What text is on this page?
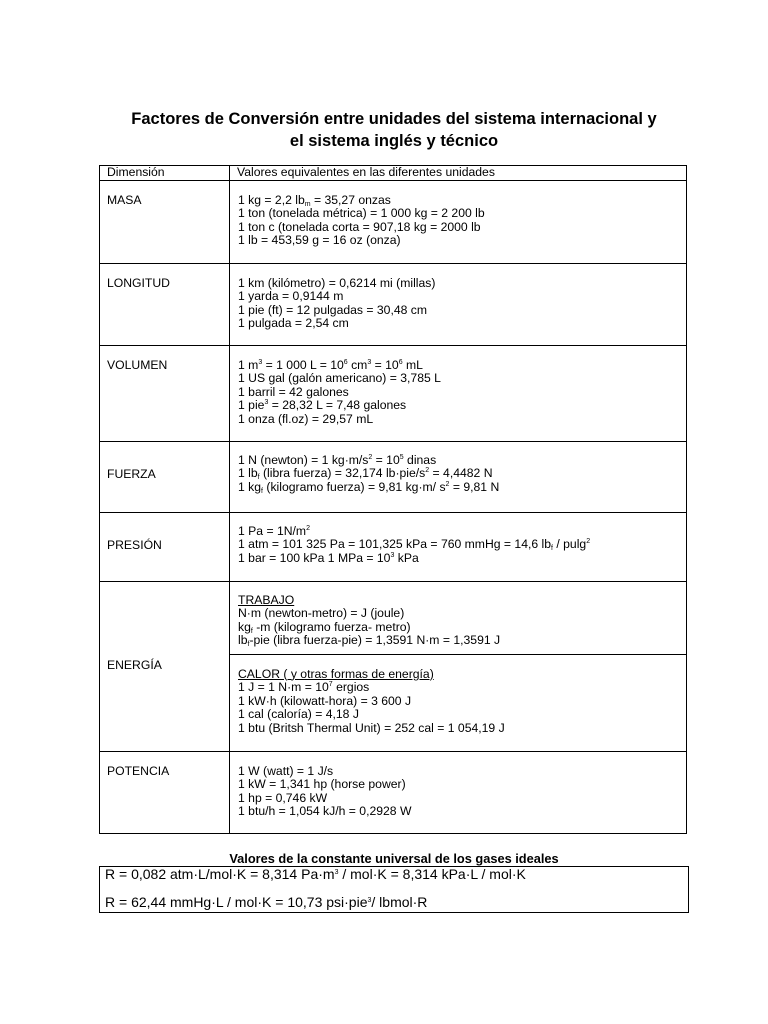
Factores de Conversión entre unidades del sistema internacional y
el sistema inglés y técnico
Dimensión	Valores equivalentes en las diferentes unidades
MASA	1 kg = 2,2 $lb_m = 35,27$ onzas
1 ton (tonelada métrica) = 1 000 kg = 2 200 lb
1 ton c (tonelada corta = 907,18 kg = 2000 lb
1 lb = 453,59 g = 16 oz (onza)

LONGITUD	1 km (kilómetro) = 0,6214 mi (millas)
1 yarda = 0,9144 m
1 pie (ft) = 12 pulgadas = 30,48 cm
1 pulgada = 2,54 cm

VOLUMEN	1 $m^3 = 1$ 000 $L = 10^6$ $cm^3 = 10^6$ mL
1 US gal (galón americano) = 3,785 L
1 barril = 42 galones
1 pie$^3$ = 28,32 L = 7,48 galones
1 onza (fl.oz) = 29,57 mL

FUERZA	1 N (newton) = 1 $kg\cdot m/s^2 = 10^5$ dinas
1 $lb_f$ (libra fuerza) = 32,174 $lb\cdot pie/s^2 = 4,4482$ N
1 $kg_f$ (kilogramo fuerza) = 9,81 kg·m/ $s^2 = 9,81$ N

PRESIÓN	1 $Pa = 1N/m^2$
1 atm = 101 325 Pa = 101,325 kPa = 760 mmHg = 14,6 $lb_f / pulg^2$
1 bar = 100 kPa 1 MPa = $10^3$ kPa

ENERGÍA	TRABAJO
N·m (newton-metro) = J (joule)
$kg_f$ -m (kilogramo fuerza- metro)
$lb_f$-pie (libra fuerza-pie) = 1,3591 N·m = 1,3591 J

	CALOR ( y otras formas de energía)
1 J = 1 $N\cdot m = 10^7$ ergios
1 kW·h (kilowatt-hora) = 3 600 J
1 cal (caloría) = 4,18 J
1 btu (Britsh Thermal Unit) = 252 cal = 1 054,19 J

POTENCIA	1 W (watt) = 1 J/s
1 kW = 1,341 hp (horse power)
1 hp = 0,746 kW
1 btu/h = 1,054 kJ/h = 0,2928 W
Valores de la constante universal de los gases ideales
R = 0,082 atm·L/mol·K = 8,314 $Pa\cdot m^3 / mol\cdot K = 8,314$ kPa·L / mol·K
R = 62,44 mmHg·L / mol·K = 10,73 psi·pie$^3$/ lbmol·R
